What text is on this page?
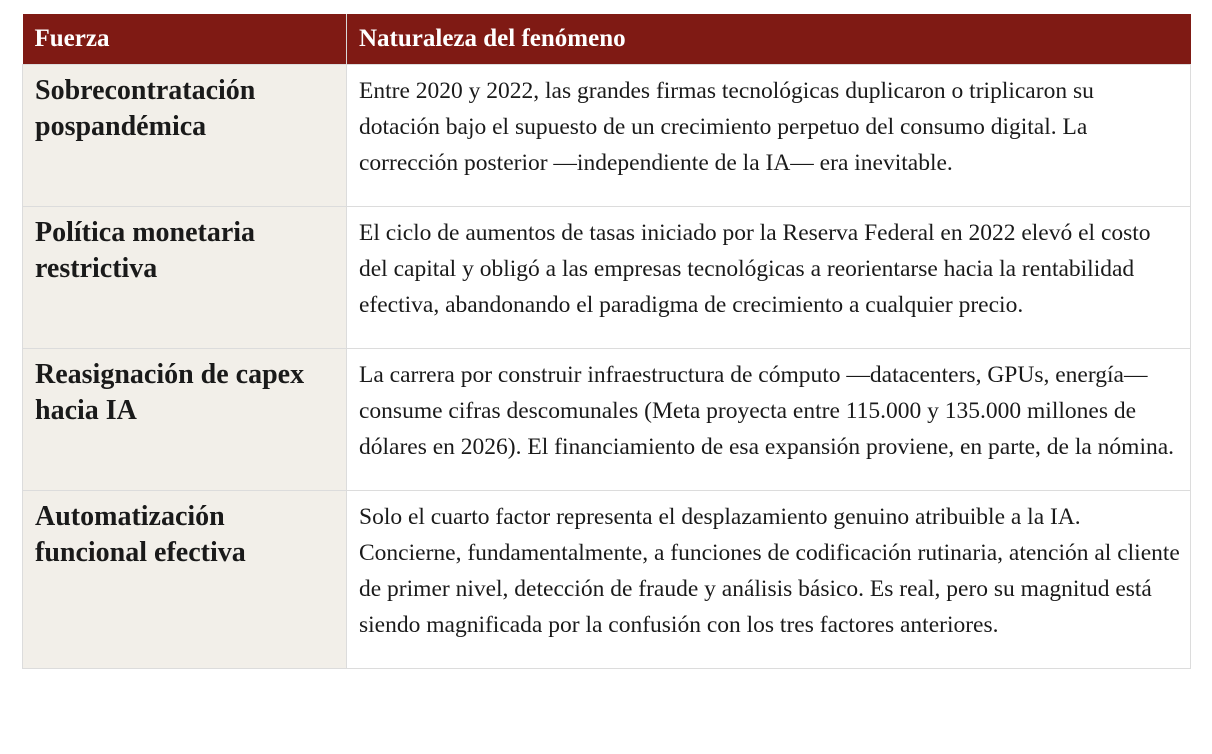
Fuerza	Naturaleza del fenómeno
Sobrecontratación pospandémica	Entre 2020 y 2022, las grandes firmas tecnológicas duplicaron o triplicaron su dotación bajo el supuesto de un crecimiento perpetuo del consumo digital. La corrección posterior —independiente de la IA— era inevitable.
Política monetaria restrictiva	El ciclo de aumentos de tasas iniciado por la Reserva Federal en 2022 elevó el costo del capital y obligó a las empresas tecnológicas a reorientarse hacia la rentabilidad efectiva, abandonando el paradigma de crecimiento a cualquier precio.
Reasignación de capex hacia IA	La carrera por construir infraestructura de cómputo —datacenters, GPUs, energía— consume cifras descomunales (Meta proyecta entre 115.000 y 135.000 millones de dólares en 2026). El financiamiento de esa expansión proviene, en parte, de la nómina.
Automatización funcional efectiva	Solo el cuarto factor representa el desplazamiento genuino atribuible a la IA. Concierne, fundamentalmente, a funciones de codificación rutinaria, atención al cliente de primer nivel, detección de fraude y análisis básico. Es real, pero su magnitud está siendo magnificada por la confusión con los tres factores anteriores.
